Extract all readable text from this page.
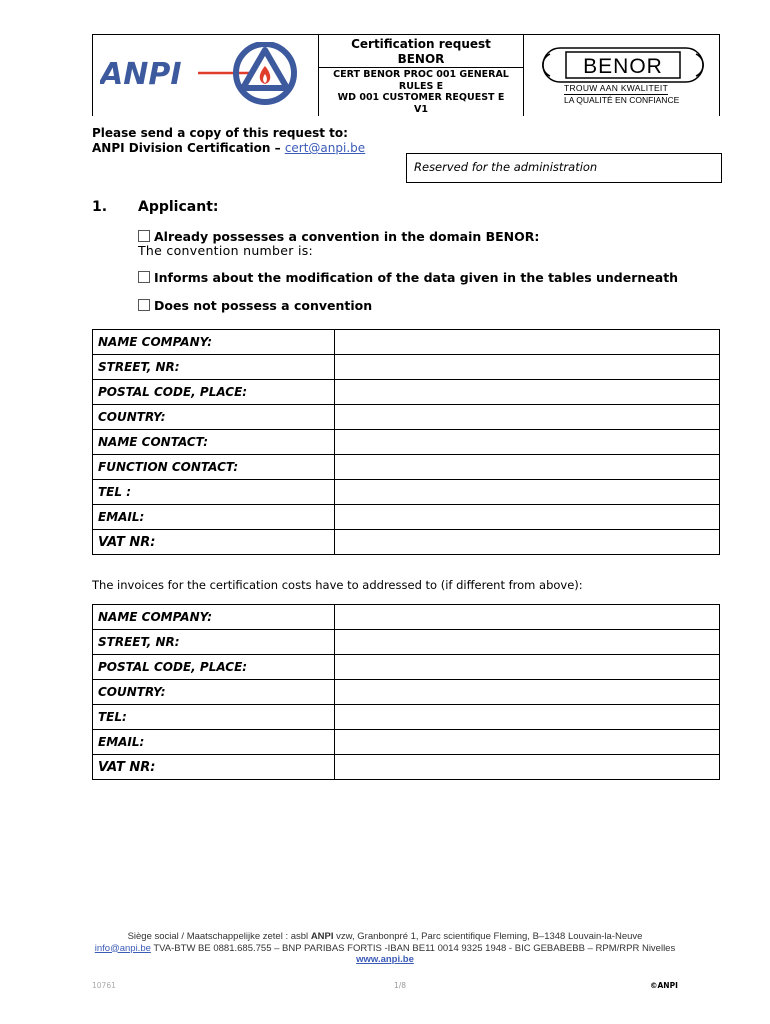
ANPI
Certification request
BENOR
CERT BENOR PROC 001 GENERAL
RULES E
WD 001 CUSTOMER REQUEST E
V1
BENOR
TROUW AAN KWALITEIT
LA QUALITÉ EN CONFIANCE
Please send a copy of this request to:
ANPI Division Certification – cert@anpi.be
Reserved for the administration
1. Applicant:
Already possesses a convention in the domain BENOR:
The convention number is:
Informs about the modification of the data given in the tables underneath
Does not possess a convention
NAME COMPANY:	
STREET, NR:	
POSTAL CODE, PLACE:	
COUNTRY:	
NAME CONTACT:	
FUNCTION CONTACT:	
TEL :	
EMAIL:	
VAT NR:	
The invoices for the certification costs have to addressed to (if different from above):
NAME COMPANY:	
STREET, NR:	
POSTAL CODE, PLACE:	
COUNTRY:	
TEL:	
EMAIL:	
VAT NR:	
Siège social / Maatschappelijke zetel : asbl ANPI vzw, Granbonpré 1, Parc scientifique Fleming, B–1348 Louvain-la-Neuve
info@anpi.be TVA-BTW BE 0881.685.755 – BNP PARIBAS FORTIS -IBAN BE11 0014 9325 1948 - BIC GEBABEBB – RPM/RPR Nivelles
www.anpi.be
10761	1/8	©ANPI
